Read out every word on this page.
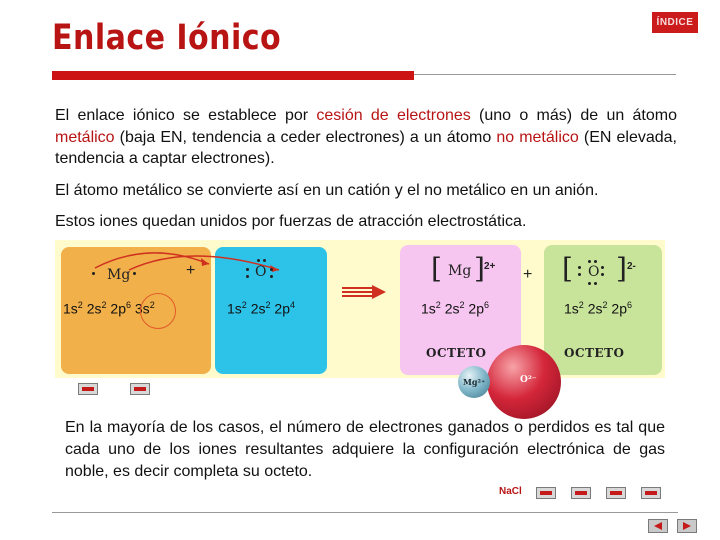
Enlace Iónico	ÍNDICE
El enlace iónico se establece por cesión de electrones (uno o más) de un átomo metálico (baja EN, tendencia a ceder electrones) a un átomo no metálico (EN elevada, tendencia a captar electrones).
El átomo metálico se convierte así en un catión y el no metálico en un anión.
Estos iones quedan unidos por fuerzas de atracción electrostática.
Mg
$1s^2$ $2s^2$ $2p^6$ $3s^2$
+	O
$1s^2$ $2s^2$ $2p^4$
[ Mg ] 2+
$1s^2$ $2s^2$ $2p^6$
OCTETO
+ [ O ] 2-
$1s^2$ $2s^2$ $2p^6$
OCTETO
O²⁻
Mg²⁺
En la mayoría de los casos, el número de electrones ganados o perdidos es tal que cada uno de los iones resultantes adquiere la configuración electrónica de gas noble, es decir completa su octeto.
NaCl
